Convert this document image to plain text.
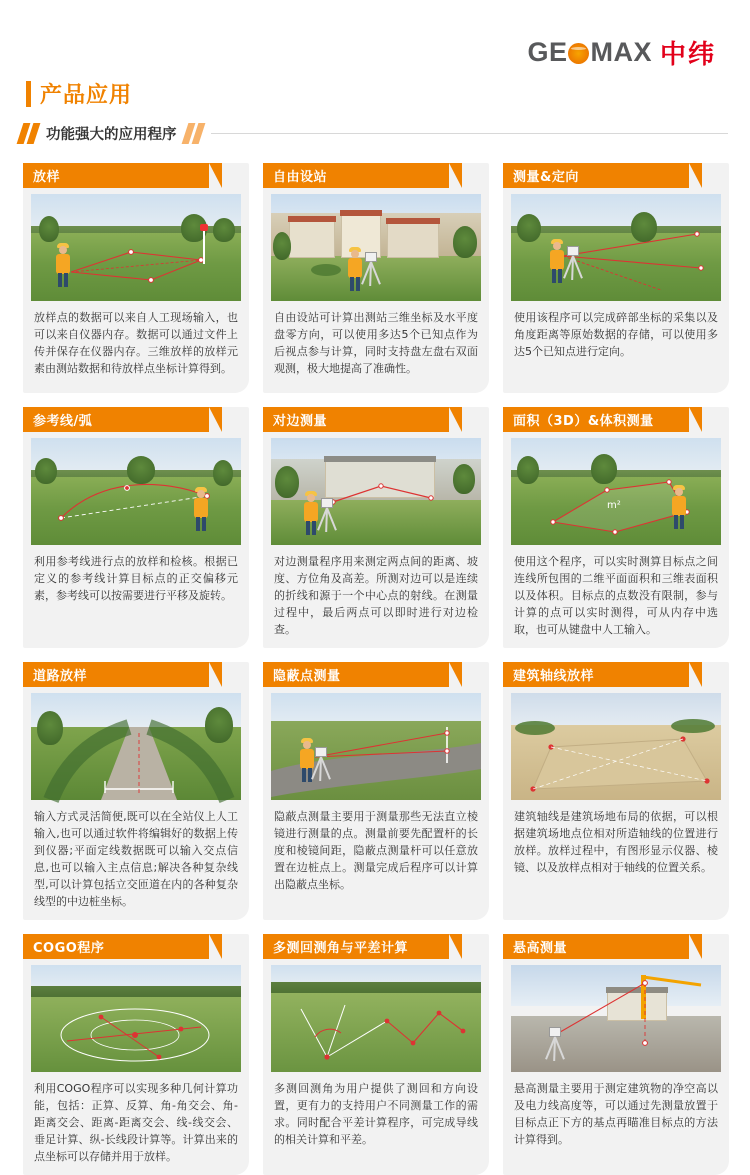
GE MAX 中纬
产品应用
功能强大的应用程序
放样
放样点的数据可以来自人工现场输入，也可以来自仪器内存。数据可以通过文件上传并保存在仪器内存。三维放样的放样元素由测站数据和待放样点坐标计算得到。
自由设站
自由设站可计算出测站三维坐标及水平度盘零方向，可以使用多达5个已知点作为后视点参与计算，同时支持盘左盘右双面观测，极大地提高了准确性。
测量&定向
使用该程序可以完成碎部坐标的采集以及角度距离等原始数据的存储，可以使用多达5个已知点进行定向。
参考线/弧
利用参考线进行点的放样和检核。根据已定义的参考线计算目标点的正交偏移元素，参考线可以按需要进行平移及旋转。
对边测量
对边测量程序用来测定两点间的距离、坡度、方位角及高差。所测对边可以是连续的折线和源于一个中心点的射线。在测量过程中，最后两点可以即时进行对边检查。
面积（3D）&体积测量
m²
使用这个程序，可以实时测算目标点之间连线所包围的二维平面面积和三维表面积以及体积。目标点的点数没有限制，参与计算的点可以实时测得，可从内存中选取，也可从键盘中人工输入。
道路放样
输入方式灵活简便,既可以在全站仪上人工输入,也可以通过软件将编辑好的数据上传到仪器;平面定线数据既可以输入交点信息,也可以输入主点信息;解决各种复杂线型,可以计算包括立交匝道在内的各种复杂线型的中边桩坐标。
隐蔽点测量
隐蔽点测量主要用于测量那些无法直立棱镜进行测量的点。测量前要先配置杆的长度和棱镜间距，隐蔽点测量杆可以任意放置在边桩点上。测量完成后程序可以计算出隐蔽点坐标。
建筑轴线放样
建筑轴线是建筑场地布局的依据，可以根据建筑场地点位相对所造轴线的位置进行放样。放样过程中，有图形显示仪器、棱镜、以及放样点相对于轴线的位置关系。
COGO程序
利用COGO程序可以实现多种几何计算功能，包括：正算、反算、角-角交会、角-距离交会、距离-距离交会、线-线交会、垂足计算、纵-长线段计算等。计算出来的点坐标可以存储并用于放样。
多测回测角与平差计算
多测回测角为用户提供了测回和方向设置，更有力的支持用户不同测量工作的需求。同时配合平差计算程序，可完成导线的相关计算和平差。
悬高测量
悬高测量主要用于测定建筑物的净空高以及电力线高度等，可以通过先测量放置于目标点正下方的基点再瞄准目标点的方法计算得到。
